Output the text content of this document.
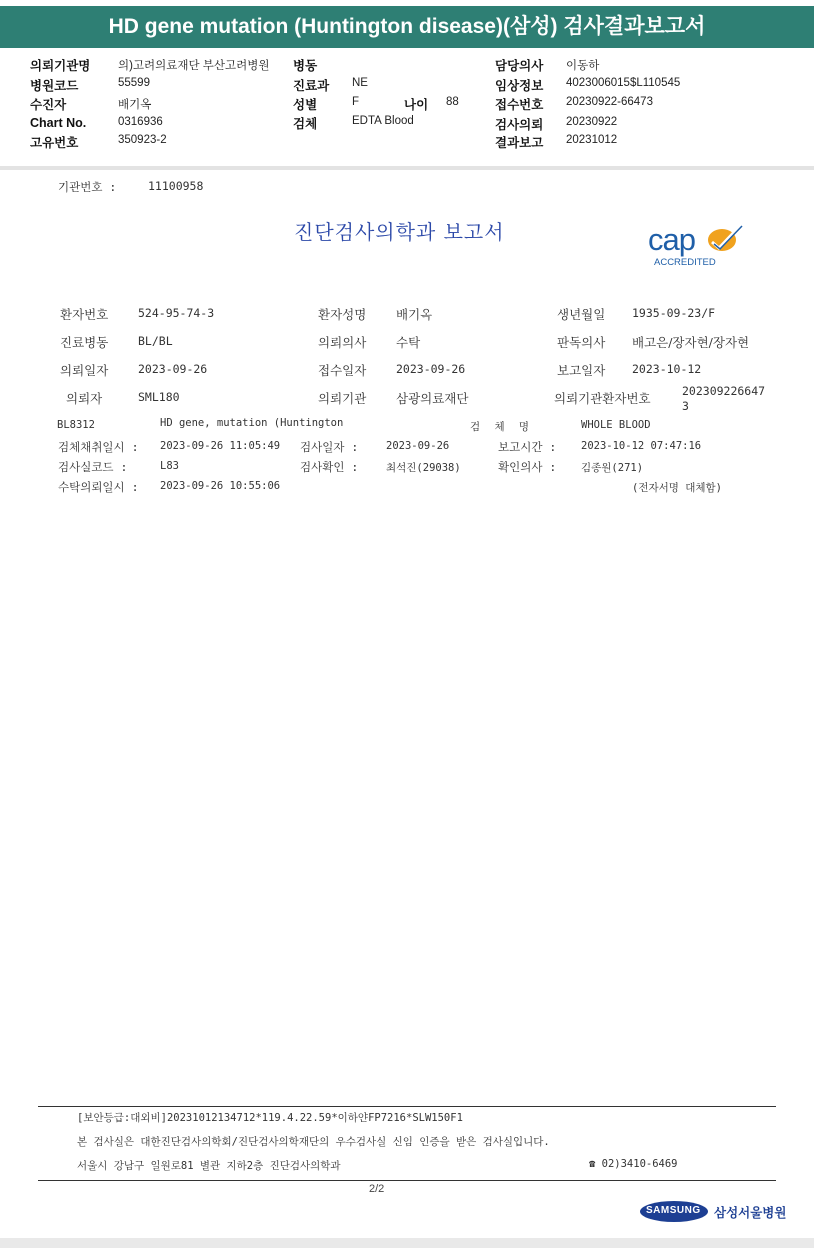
HD gene mutation (Huntington disease)(삼성) 검사결과보고서
의뢰기관명 의)고려의료재단 부산고려병원 병동	담당의사 이동하
병원코드	55599	진료과 NE	임상정보 4023006015$L110545
수진자	배기옥	성별	F	나이 88	접수번호 20230922-66473
Chart No.	0316936	검체	EDTA Blood	검사의뢰 20230922
고유번호	350923-2	결과보고 20231012
기관번호 :	11100958
진단검사의학과 보고서	cap
ACCREDITED
환자번호	524-95-74-3	환자성명 배기옥	생년월일 1935-09-23/F
진료병동	BL/BL	의뢰의사 수탁	판독의사 배고은/장자현/장자현
의뢰일자	2023-09-26	접수일자	2023-09-26	보고일자 2023-10-12
의뢰자	SML180	의뢰기관 삼광의료재단	의뢰기관환자번호	202309226647
3
BL8312	HD gene, mutation (Huntington	검 체 명	WHOLE BLOOD
검체채취일시 : 2023-09-26 11:05:49 검사일자 :	2023-09-26	보고시간 : 2023-10-12 07:47:16
검사실코드 :	L83	검사확인 :	최석진(29038)	확인의사 : 김종원(271)
수탁의뢰일시 : 2023-09-26 10:55:06	(전자서명 대체함)
[보안등급:대외비]20231012134712*119.4.22.59*이하얀FP7216*SLW150F1
본 검사실은 대한진단검사의학회/진단검사의학재단의 우수검사실 신임 인증을 받은 검사실입니다.
서울시 강남구 일원로81 별관 지하2층 진단검사의학과	☎ 02)3410-6469
2/2
SAMSUNG 삼성서울병원
